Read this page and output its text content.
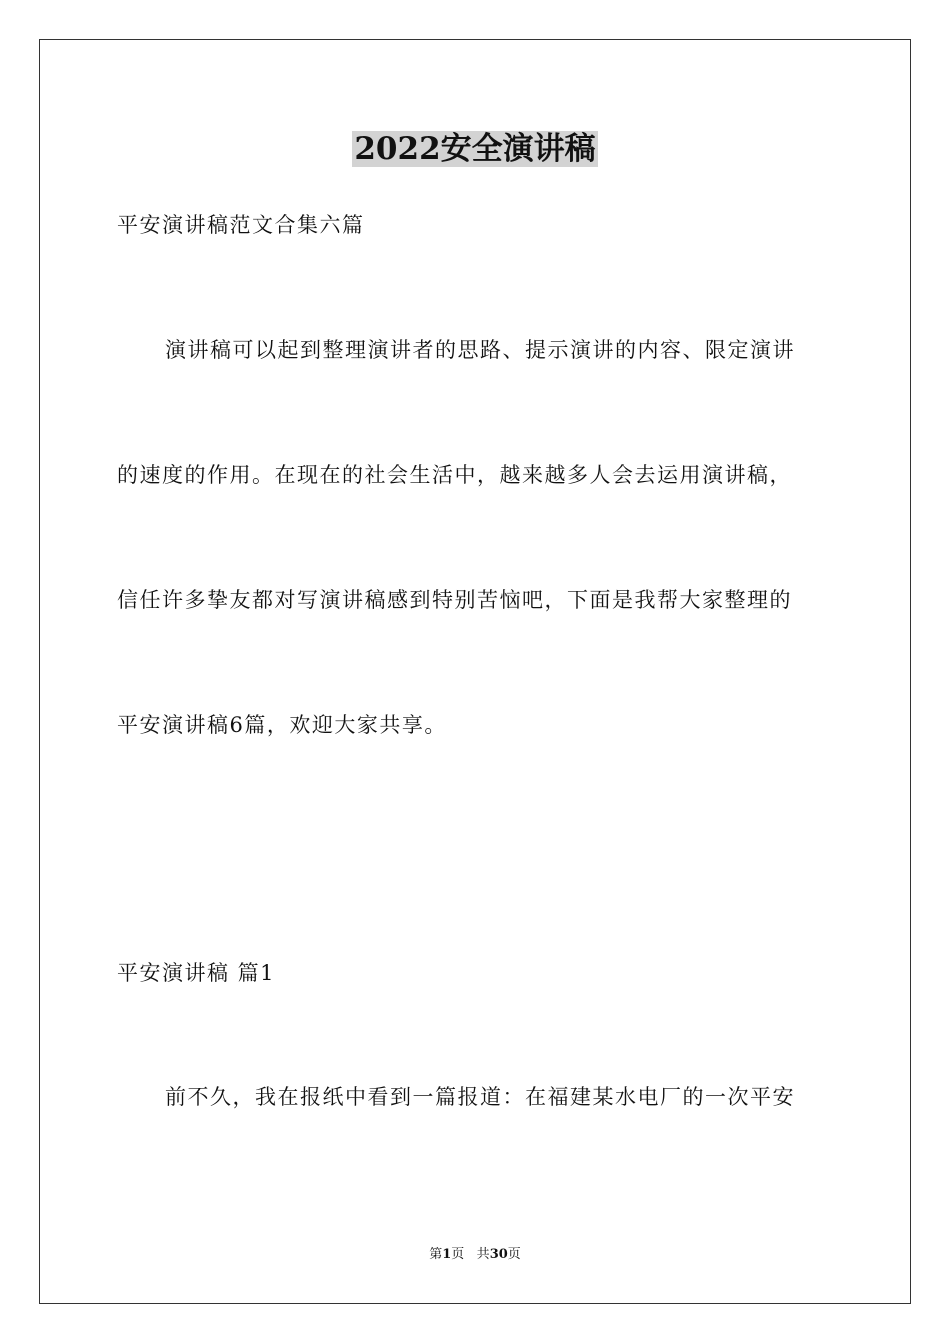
2022安全演讲稿
平安演讲稿范文合集六篇
演讲稿可以起到整理演讲者的思路、提示演讲的内容、限定演讲
的速度的作用。在现在的社会生活中，越来越多人会去运用演讲稿，
信任许多挚友都对写演讲稿感到特别苦恼吧，下面是我帮大家整理的
平安演讲稿6篇，欢迎大家共享。
平安演讲稿 篇1
前不久，我在报纸中看到一篇报道：在福建某水电厂的一次平安
第1页 共30页
